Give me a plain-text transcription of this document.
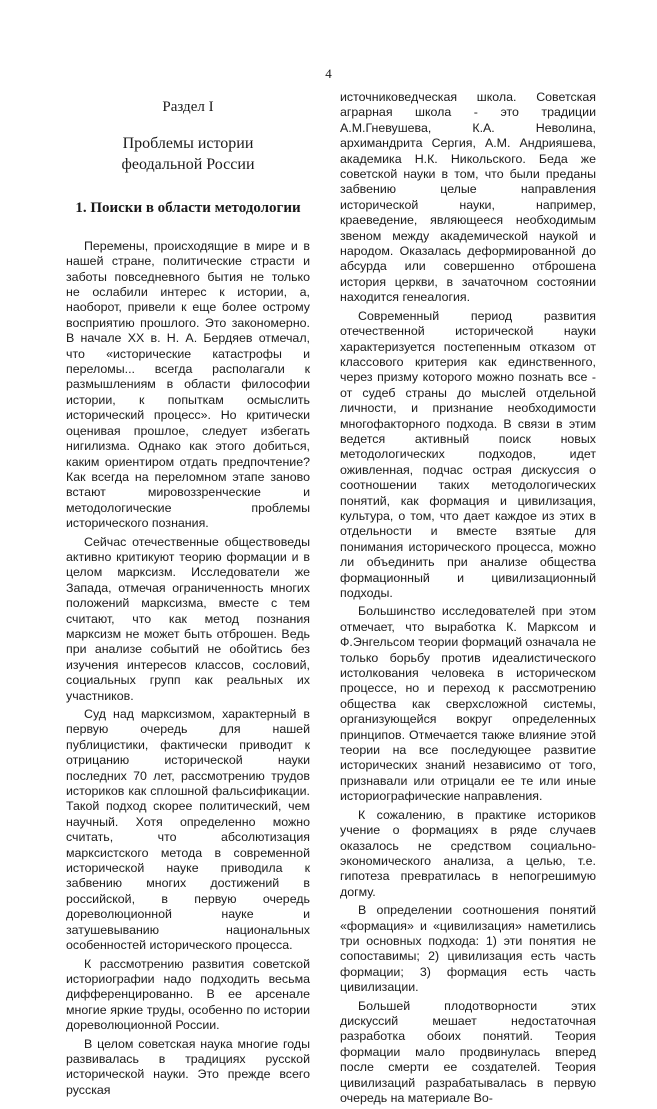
4
Раздел I
Проблемы истории
феодальной России
1. Поиски в области методологии

Перемены, происходящие в мире и в нашей стране, политические страсти и заботы повседневного бытия не только не ослабили интерес к истории, а, наоборот, привели к еще более острому восприятию прошлого. Это закономерно. В начале XX в. Н. А. Бердяев отмечал, что «исторические катастрофы и переломы... всегда располагали к размышлениям в области философии истории, к попыткам осмыслить исторический процесс». Но критически оценивая прошлое, следует избегать нигилизма. Однако как этого добиться, каким ориентиром отдать предпочтение? Как всегда на переломном этапе заново встают мировоззренческие и методологические проблемы исторического познания.

Сейчас отечественные обществоведы активно критикуют теорию формации и в целом марксизм. Исследователи же Запада, отмечая ограниченность многих положений марксизма, вместе с тем считают, что как метод познания марксизм не может быть отброшен. Ведь при анализе событий не обойтись без изучения интересов классов, сословий, социальных групп как реальных их участников.

Суд над марксизмом, характерный в первую очередь для нашей публицистики, фактически приводит к отрицанию исторической науки последних 70 лет, рассмотрению трудов историков как сплошной фальсификации. Такой подход скорее политический, чем научный. Хотя определенно можно считать, что абсолютизация марксистского метода в современной исторической науке приводила к забвению многих достижений в российской, в первую очередь дореволюционной науке и затушевыванию национальных особенностей исторического процесса.

К рассмотрению развития советской историографии надо подходить весьма дифференцированно. В ее арсенале многие яркие труды, особенно по истории дореволюционной России.

В целом советская наука многие годы развивалась в традициях русской исторической науки. Это прежде всего русская

источниковедческая школа. Советская аграрная школа - это традиции А.М.Гневушева, К.А. Неволина, архимандрита Сергия, А.М. Андрияшева, академика Н.К. Никольского. Беда же советской науки в том, что были преданы забвению целые направления исторической науки, например, краеведение, являющееся необходимым звеном между академической наукой и народом. Оказалась деформированной до абсурда или совершенно отброшена история церкви, в зачаточном состоянии находится генеалогия.

Современный период развития отечественной исторической науки характеризуется постепенным отказом от классового критерия как единственного, через призму которого можно познать все - от судеб страны до мыслей отдельной личности, и признание необходимости многофакторного подхода. В связи в этим ведется активный поиск новых методологических подходов, идет оживленная, подчас острая дискуссия о соотношении таких методологических понятий, как формация и цивилизация, культура, о том, что дает каждое из этих в отдельности и вместе взятые для понимания исторического процесса, можно ли объединить при анализе общества формационный и цивилизационный подходы.

Большинство исследователей при этом отмечает, что выработка К. Марксом и Ф.Энгельсом теории формаций означала не только борьбу против идеалистического истолкования человека в историческом процессе, но и переход к рассмотрению общества как сверхсложной системы, организующейся вокруг определенных принципов. Отмечается также влияние этой теории на все последующее развитие исторических знаний независимо от того, признавали или отрицали ее те или иные историографические направления.

К сожалению, в практике историков учение о формациях в ряде случаев оказалось не средством социально-экономического анализа, а целью, т.е. гипотеза превратилась в непогрешимую догму.

В определении соотношения понятий «формация» и «цивилизация» наметились три основных подхода: 1) эти понятия не сопоставимы; 2) цивилизация есть часть формации; 3) формация есть часть цивилизации.

Большей плодотворности этих дискуссий мешает недостаточная разработка обоих понятий. Теория формации мало продвинулась вперед после смерти ее создателей. Теория цивилизаций разрабатывалась в первую очередь на материале Во-
